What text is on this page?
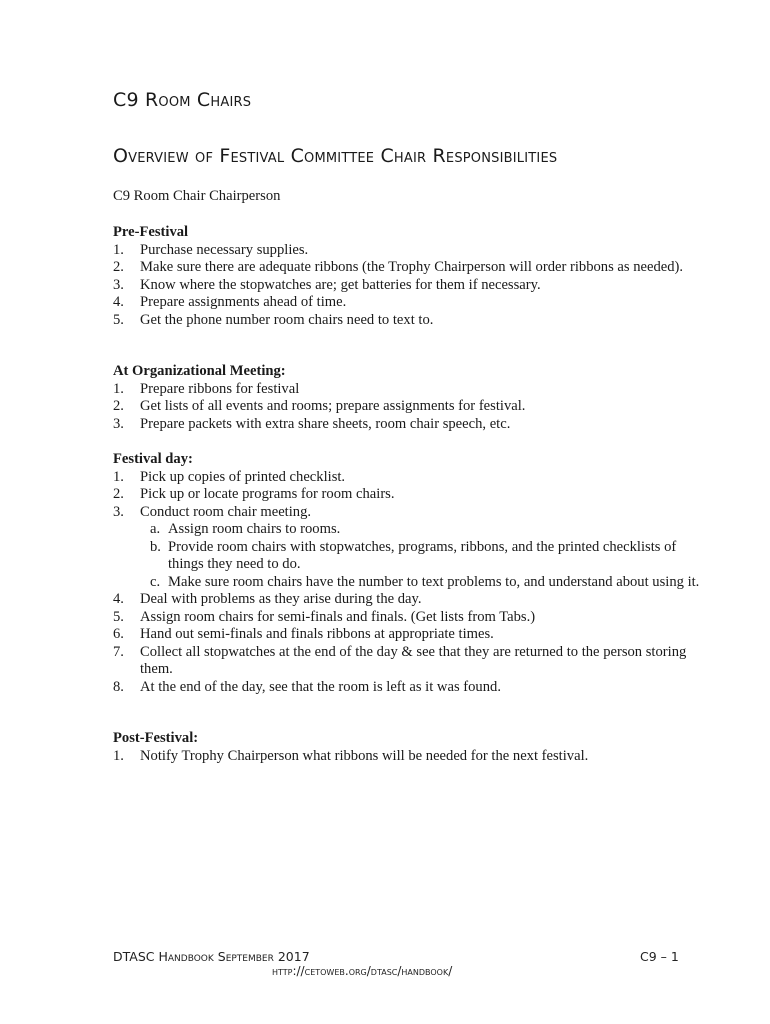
C9 Room Chairs
Overview of Festival Committee Chair Responsibilities
C9 Room Chair Chairperson
Pre-Festival
1. Purchase necessary supplies.
2. Make sure there are adequate ribbons (the Trophy Chairperson will order ribbons as needed).
3. Know where the stopwatches are; get batteries for them if necessary.
4. Prepare assignments ahead of time.
5. Get the phone number room chairs need to text to.
At Organizational Meeting:
1. Prepare ribbons for festival
2. Get lists of all events and rooms; prepare assignments for festival.
3. Prepare packets with extra share sheets, room chair speech, etc.
Festival day:
1. Pick up copies of printed checklist.
2. Pick up or locate programs for room chairs.
3. Conduct room chair meeting.
a. Assign room chairs to rooms.
b. Provide room chairs with stopwatches, programs, ribbons, and the printed checklists of things they need to do.
c. Make sure room chairs have the number to text problems to, and understand about using it.
4. Deal with problems as they arise during the day.
5. Assign room chairs for semi-finals and finals. (Get lists from Tabs.)
6. Hand out semi-finals and finals ribbons at appropriate times.
7. Collect all stopwatches at the end of the day & see that they are returned to the person storing them.
8. At the end of the day, see that the room is left as it was found.
Post-Festival:
1. Notify Trophy Chairperson what ribbons will be needed for the next festival.
DTASC Handbook September 2017	C9 – 1
http://cetoweb.org/dtasc/handbook/
